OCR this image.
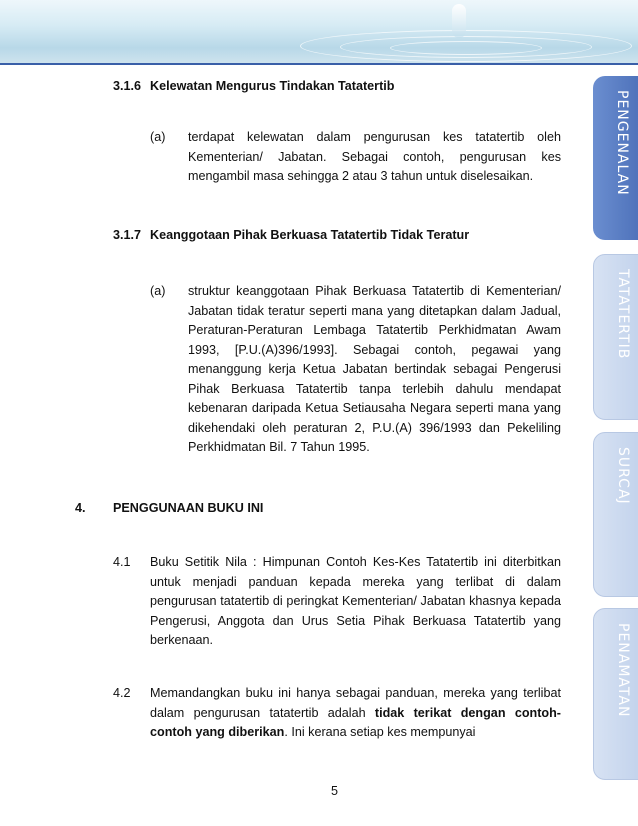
3.1.6 Kelewatan Mengurus Tindakan Tatatertib
(a) terdapat kelewatan dalam pengurusan kes tatatertib oleh Kementerian/ Jabatan. Sebagai contoh, pengurusan kes mengambil masa sehingga 2 atau 3 tahun untuk diselesaikan.
3.1.7 Keanggotaan Pihak Berkuasa Tatatertib Tidak Teratur
(a) struktur keanggotaan Pihak Berkuasa Tatatertib di Kementerian/ Jabatan tidak teratur seperti mana yang ditetapkan dalam Jadual, Peraturan-Peraturan Lembaga Tatatertib Perkhidmatan Awam 1993, [P.U.(A)396/1993]. Sebagai contoh, pegawai yang menanggung kerja Ketua Jabatan bertindak sebagai Pengerusi Pihak Berkuasa Tatatertib tanpa terlebih dahulu mendapat kebenaran daripada Ketua Setiausaha Negara seperti mana yang dikehendaki oleh peraturan 2, P.U.(A) 396/1993 dan Pekeliling Perkhidmatan Bil. 7 Tahun 1995.
4. PENGGUNAAN BUKU INI
4.1 Buku Setitik Nila : Himpunan Contoh Kes-Kes Tatatertib ini diterbitkan untuk menjadi panduan kepada mereka yang terlibat di dalam pengurusan tatatertib di peringkat Kementerian/ Jabatan khasnya kepada Pengerusi, Anggota dan Urus Setia Pihak Berkuasa Tatatertib yang berkenaan.
4.2 Memandangkan buku ini hanya sebagai panduan, mereka yang terlibat dalam pengurusan tatatertib adalah tidak terikat dengan contoh-contoh yang diberikan. Ini kerana setiap kes mempunyai
5
PENGENALAN
TATATERTIB
SURCAJ
PENAMATAN
